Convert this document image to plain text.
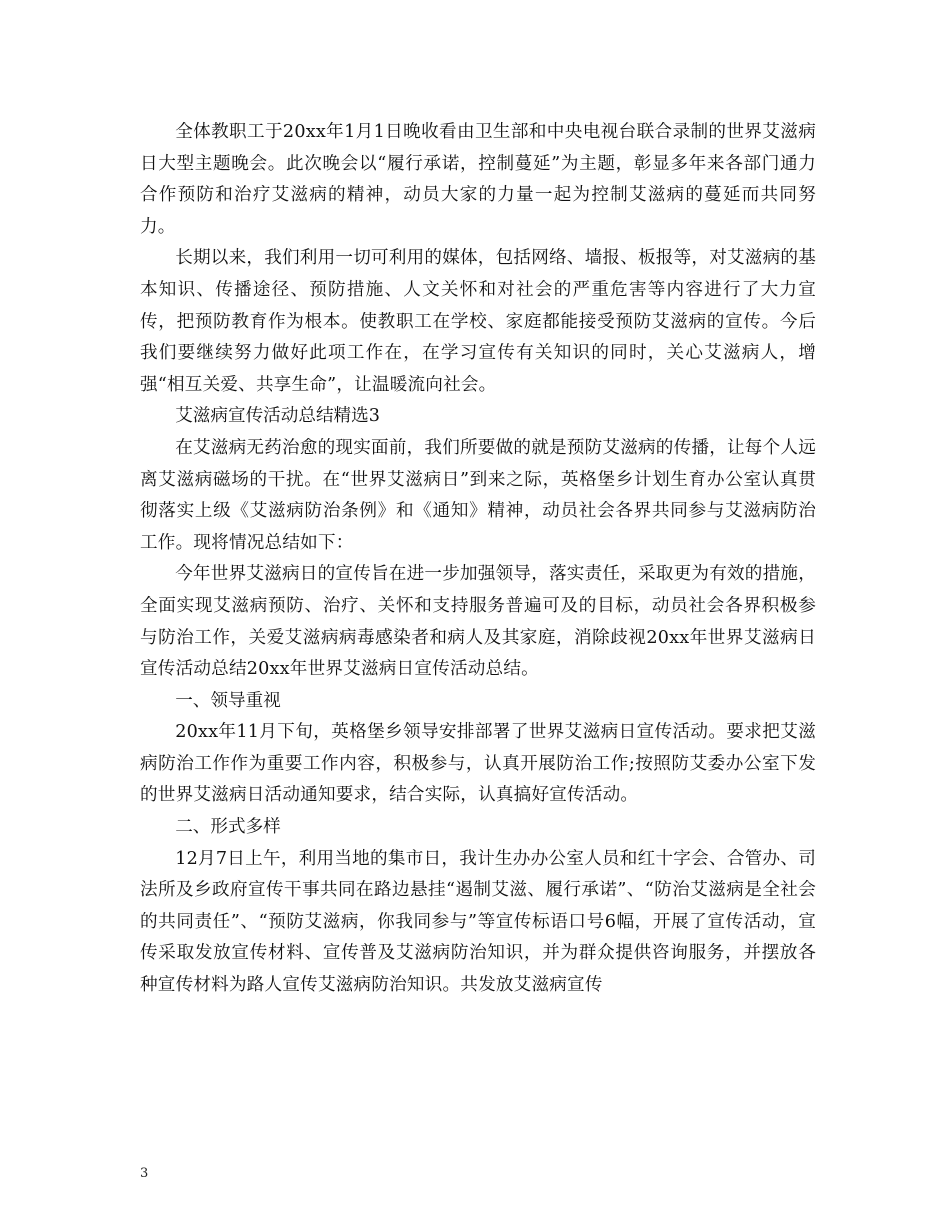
全体教职工于20xx年1月1日晚收看由卫生部和中央电视台联合录制的世界艾滋病日大型主题晚会。此次晚会以“履行承诺，控制蔓延”为主题，彰显多年来各部门通力合作预防和治疗艾滋病的精神，动员大家的力量一起为控制艾滋病的蔓延而共同努力。

长期以来，我们利用一切可利用的媒体，包括网络、墙报、板报等，对艾滋病的基本知识、传播途径、预防措施、人文关怀和对社会的严重危害等内容进行了大力宣传，把预防教育作为根本。使教职工在学校、家庭都能接受预防艾滋病的宣传。今后我们要继续努力做好此项工作在，在学习宣传有关知识的同时，关心艾滋病人，增强“相互关爱、共享生命”，让温暖流向社会。

艾滋病宣传活动总结精选3

在艾滋病无药治愈的现实面前，我们所要做的就是预防艾滋病的传播，让每个人远离艾滋病磁场的干扰。在“世界艾滋病日”到来之际，英格堡乡计划生育办公室认真贯彻落实上级《艾滋病防治条例》和《通知》精神，动员社会各界共同参与艾滋病防治工作。现将情况总结如下：

今年世界艾滋病日的宣传旨在进一步加强领导，落实责任，采取更为有效的措施，全面实现艾滋病预防、治疗、关怀和支持服务普遍可及的目标，动员社会各界积极参与防治工作，关爱艾滋病病毒感染者和病人及其家庭，消除歧视20xx年世界艾滋病日宣传活动总结20xx年世界艾滋病日宣传活动总结。

一、领导重视

20xx年11月下旬，英格堡乡领导安排部署了世界艾滋病日宣传活动。要求把艾滋病防治工作作为重要工作内容，积极参与，认真开展防治工作;按照防艾委办公室下发的世界艾滋病日活动通知要求，结合实际，认真搞好宣传活动。

二、形式多样

12月7日上午，利用当地的集市日，我计生办办公室人员和红十字会、合管办、司法所及乡政府宣传干事共同在路边悬挂“遏制艾滋、履行承诺”、“防治艾滋病是全社会的共同责任”、“预防艾滋病，你我同参与”等宣传标语口号6幅，开展了宣传活动，宣传采取发放宣传材料、宣传普及艾滋病防治知识，并为群众提供咨询服务，并摆放各种宣传材料为路人宣传艾滋病防治知识。共发放艾滋病宣传

3
